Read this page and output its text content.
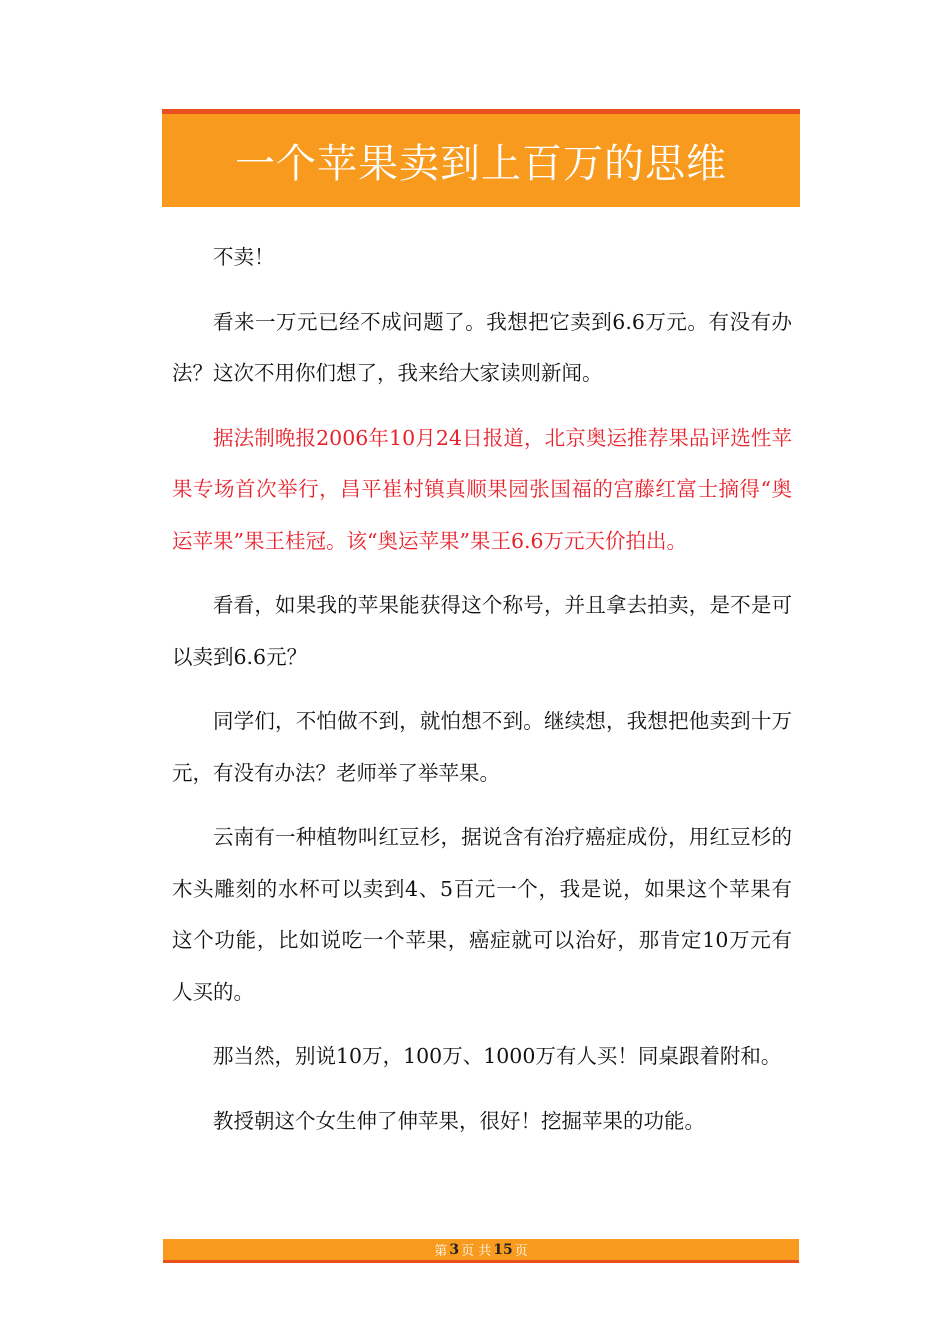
一个苹果卖到上百万的思维

不卖！

看来一万元已经不成问题了。我想把它卖到6.6万元。有没有办法？这次不用你们想了，我来给大家读则新闻。

据法制晚报2006年10月24日报道，北京奥运推荐果品评选性苹果专场首次举行，昌平崔村镇真顺果园张国福的宫藤红富士摘得“奥运苹果”果王桂冠。该“奥运苹果”果王6.6万元天价拍出。

看看，如果我的苹果能获得这个称号，并且拿去拍卖，是不是可以卖到6.6元？

同学们，不怕做不到，就怕想不到。继续想，我想把他卖到十万元，有没有办法？老师举了举苹果。

云南有一种植物叫红豆杉，据说含有治疗癌症成份，用红豆杉的木头雕刻的水杯可以卖到4、5百元一个，我是说，如果这个苹果有这个功能，比如说吃一个苹果，癌症就可以治好，那肯定10万元有人买的。

那当然，别说10万，100万、1000万有人买！同桌跟着附和。

教授朝这个女生伸了伸苹果，很好！挖掘苹果的功能。

第 3 页 共 15 页
